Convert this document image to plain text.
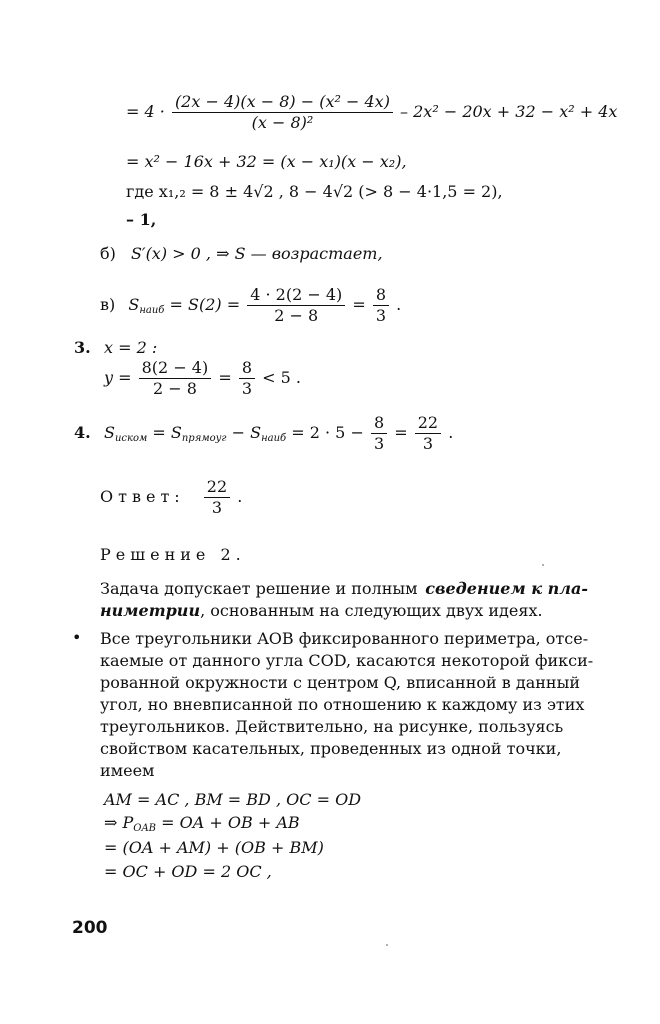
= $4 \cdot \frac{\text{(2x − 4)(x − 8) − (x² − 4x)}}{\text{(x − 8)²}} - 2x^2 - 20x + 32 - x^2 + 4x$
= x² − 16x + 32 = (x − x₁)(x − x₂),
где x₁,₂ = 8 ± 4√2 , 8 − 4√2 (> 8 − 4·1,5 = 2),
– 1,
б) S′(x) > 0 , ⇒ S — возрастает,
в) $S_{наиб} = S(2) = \frac{4 \cdot 2(2 - 4)}{2 - 8} = \frac{8}{3}$ .
3. x = 2 :
$y = \frac{8(2 - 4)}{2 - 8} = \frac{8}{3} < 5$ .
4. $S_{иском} = S_{прямоуг} - S_{наиб} = 2 \cdot 5 - \frac{8}{3} = \frac{22}{3}$ .
Ответ: $\frac{22}{3}$ .
Решение 2.
Задача допускает решение и полным сведением к пла-
ниметрии, основанным на следующих двух идеях.
• Все треугольники AOB фиксированного периметра, отсе-
каемые от данного угла COD, касаются некоторой фикси-
рованной окружности с центром Q, вписанной в данный
угол, но вневписанной по отношению к каждому из этих
треугольников. Действительно, на рисунке, пользуясь
свойством касательных, проведенных из одной точки,
имеем
AM = AC , BM = BD , OC = OD
⇒ $P_{OAB}$ = OA + OB + AB
= (OA + AM) + (OB + BM)
= OC + OD = 2 OC ,
200
